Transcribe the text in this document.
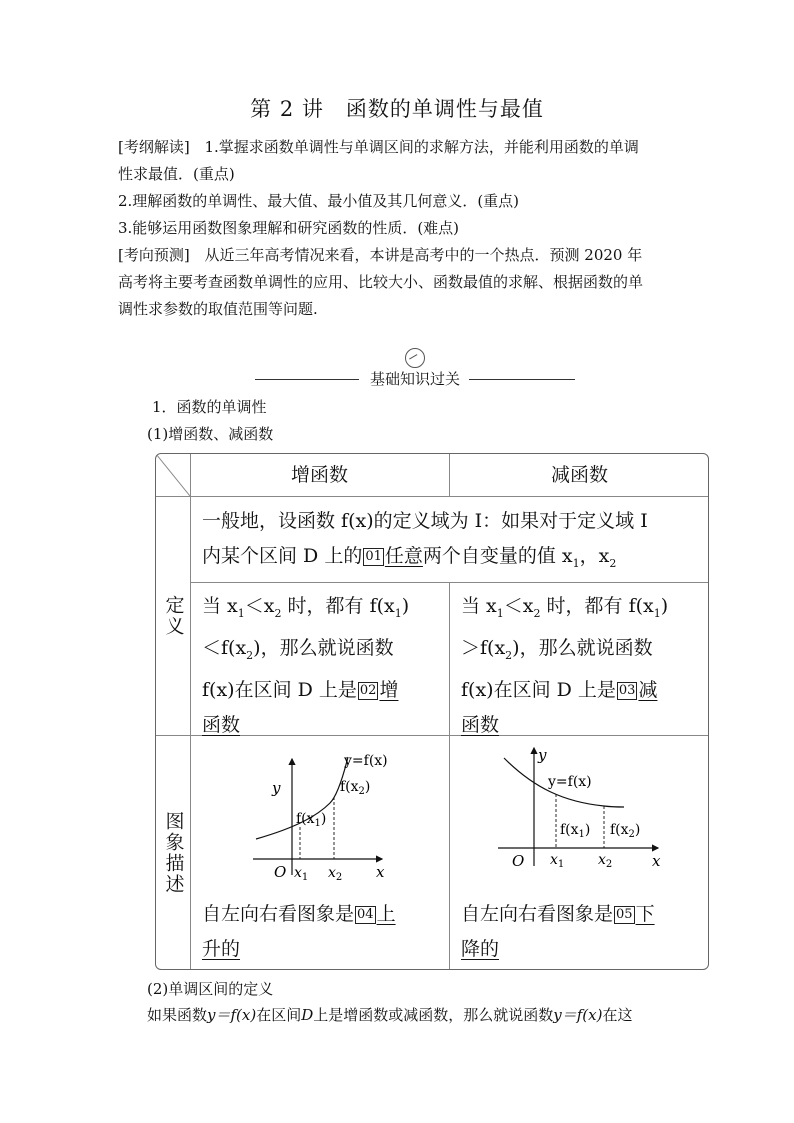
第 2 讲　函数的单调性与最值
[考纲解读] 1.掌握求函数单调性与单调区间的求解方法，并能利用函数的单调
性求最值．(重点)
2.理解函数的单调性、最大值、最小值及其几何意义．(重点)
3.能够运用函数图象理解和研究函数的性质．(难点)
[考向预测] 从近三年高考情况来看，本讲是高考中的一个热点．预测 2020 年
高考将主要考查函数单调性的应用、比较大小、函数最值的求解、根据函数的单
调性求参数的取值范围等问题.
基础知识过关
1．函数的单调性
(1)增函数、减函数
增函数	减函数
定义
图象描述
一般地，设函数 f(x)的定义域为 I：如果对于定义域 I
内某个区间 D 上的 01 任意两个自变量的值 $x_1$，$x_2$
当 $x_1<x_2$ 时，都有 $f(x_1)$
$<f(x_2)$，那么就说函数
f(x)在区间 D 上是 02 增
函数
当 $x_1<x_2$ 时，都有 $f(x_1)$
$>f(x_2)$，那么就说函数
f(x)在区间 D 上是 03 减
函数
y
x
O
y=f(x)
$f(x_2)$
$f(x_1)$
$x_1$ $x_2$
y
x
O
y=f(x)
$f(x_1)$ $f(x_2)$
$x_1$ $x_2$
自左向右看图象是 04 上
升的
自左向右看图象是 05 下
降的
(2)单调区间的定义
如果函数y＝f(x)在区间D上是增函数或减函数，那么就说函数y＝f(x)在这
